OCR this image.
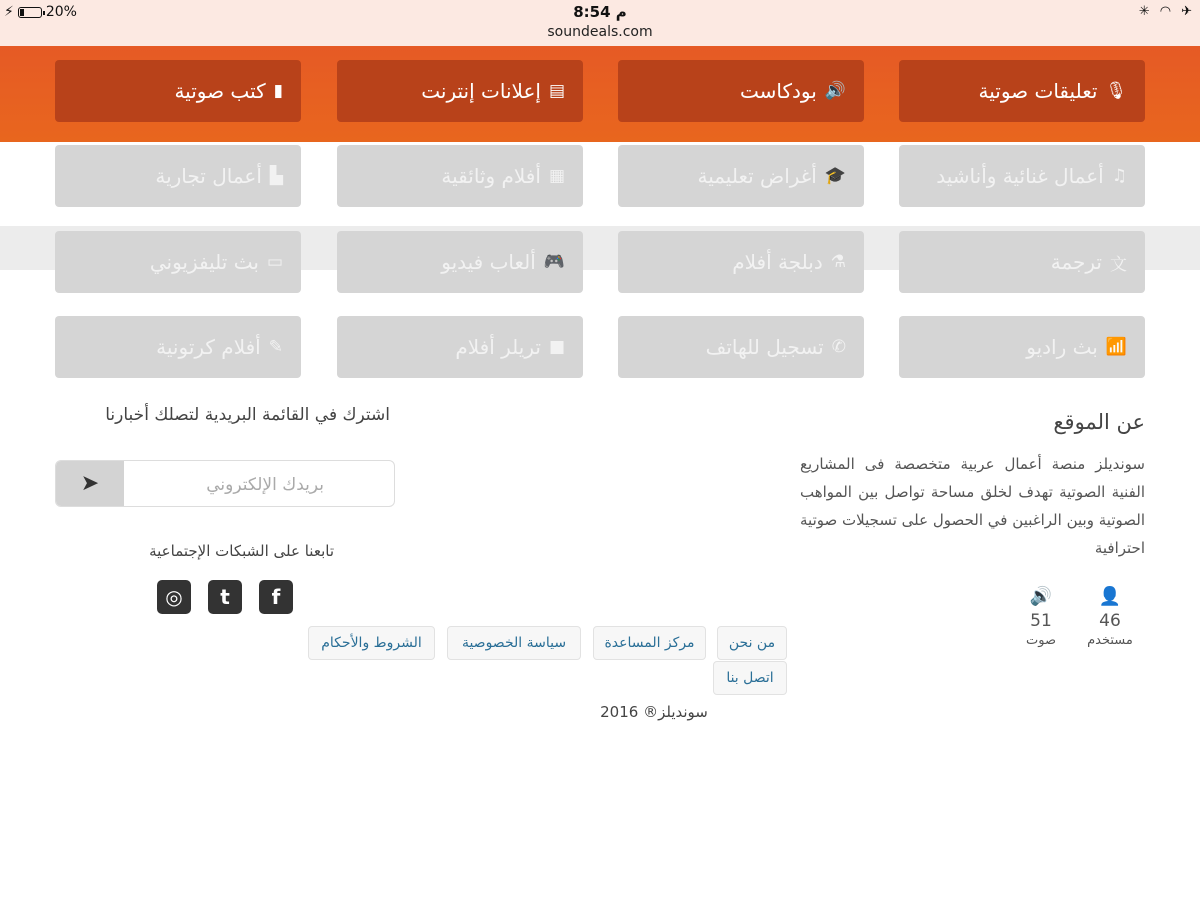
⚡ 20%	8:54 م
soundeals.com
✳ ◠ ✈
تعليقات صوتية 🎙
بودكاست 🔊
إعلانات إنترنت ▤
كتب صوتية ▮
أعمال غنائية وأناشيد ♫
أغراض تعليمية 🎓
أفلام وثائقية ▦
أعمال تجارية ▙
ترجمة 文
دبلجة أفلام ⚗
ألعاب فيديو 🎮
بث تليفزيوني ▭
بث راديو 📶
تسجيل للهاتف ✆
تريلر أفلام ■
أفلام كرتونية ✎
عن الموقع
سونديلز منصة أعمال عربية متخصصة فى المشاريع الفنية الصوتية تهدف لخلق مساحة تواصل بين المواهب الصوتية وبين الراغبين في الحصول على تسجيلات صوتية احترافية
👤
46
مستخدم
🔊
51
صوت
اشترك في القائمة البريدية لتصلك أخبارنا
➤
بريدك الإلكتروني
تابعنا على الشبكات الإجتماعية
f
t
◎
من نحن
مركز المساعدة
سياسة الخصوصية
الشروط والأحكام
اتصل بنا
سونديلز® 2016
